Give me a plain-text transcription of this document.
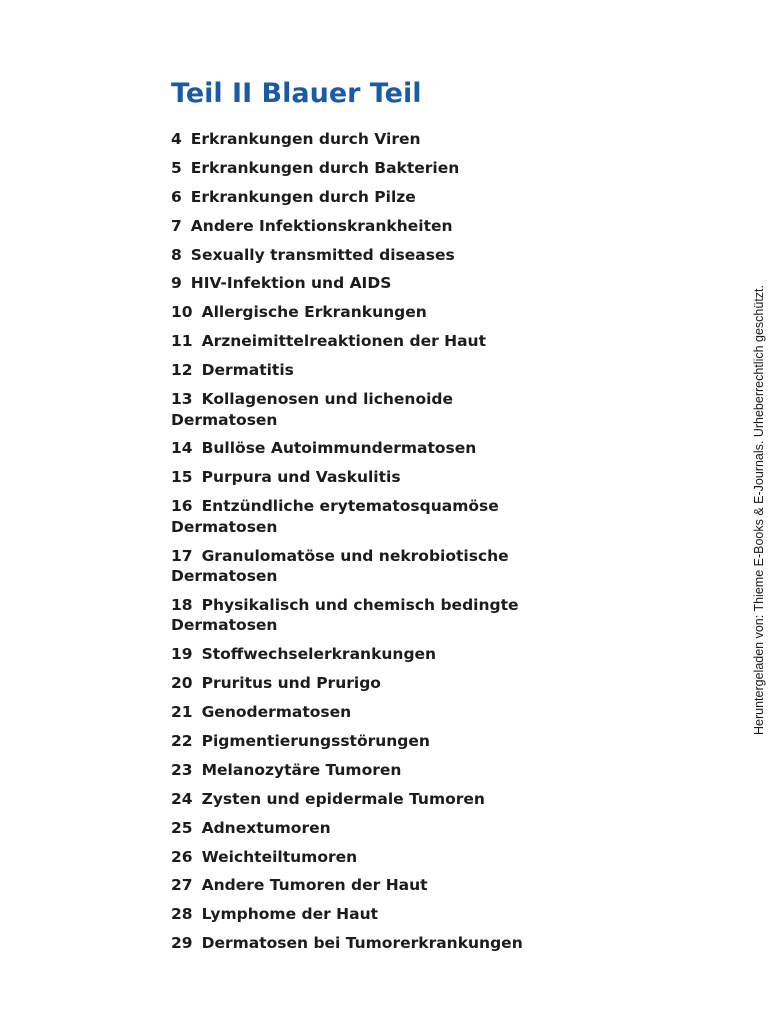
Teil II Blauer Teil
4 Erkrankungen durch Viren
5 Erkrankungen durch Bakterien
6 Erkrankungen durch Pilze
7 Andere Infektionskrankheiten
8 Sexually transmitted diseases
9 HIV-Infektion und AIDS
10 Allergische Erkrankungen
11 Arzneimittelreaktionen der Haut
12 Dermatitis
13 Kollagenosen und lichenoide
Dermatosen
14 Bullöse Autoimmundermatosen
15 Purpura und Vaskulitis
16 Entzündliche erytematosquamöse
Dermatosen
17 Granulomatöse und nekrobiotische
Dermatosen
18 Physikalisch und chemisch bedingte
Dermatosen
19 Stoffwechselerkrankungen
20 Pruritus und Prurigo
21 Genodermatosen
22 Pigmentierungsstörungen
23 Melanozytäre Tumoren
24 Zysten und epidermale Tumoren
25 Adnextumoren
26 Weichteiltumoren
27 Andere Tumoren der Haut
28 Lymphome der Haut
29 Dermatosen bei Tumorerkrankungen
Heruntergeladen von: Thieme E-Books & E-Journals. Urheberrechtlich geschützt.
